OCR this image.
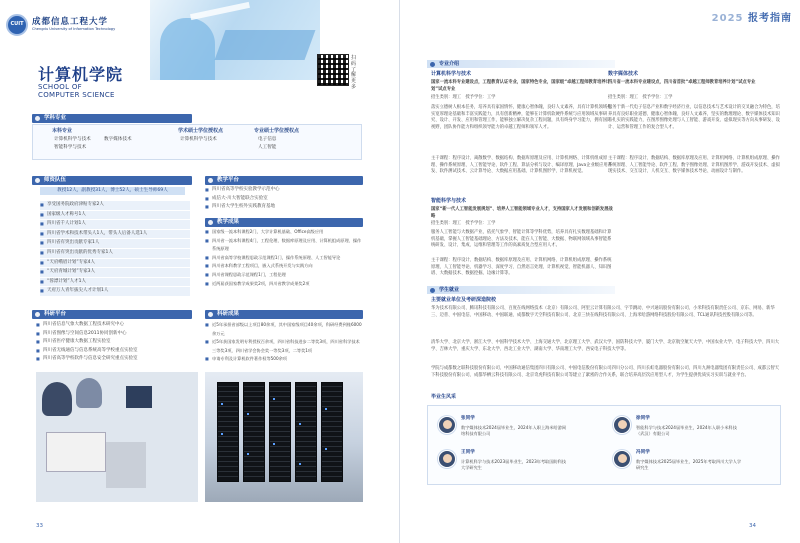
CUIT	成都信息工程大学
Chengdu University of Information Technology
扫码了解更多
计算机学院
SCHOOL OF
COMPUTER SCIENCE
学科专业
本科专业
计算机科学与技术	数字媒体技术
智能科学与技术
学术硕士学位授权点
计算机科学与技术
专业硕士学位授权点
电子信息
人工智能
师资队伍
教授12人，副教授31人，博士52人，硕士生导师69人
■ 享受国务院政府津贴专家2人
■ 国家级人才称号1人
■ 四川省千人计划1人
■ 四川省学术和技术带头人1人，带头人后备人选1人
■ 四川省有突出贡献专家1人
■ 四川省有突出贡献的优秀专家1人
■ “天府峨眉计划”专家4人
■ “天府青城计划”专家3人
■ “蓉漂计划”人才1人
■ 天府万人青年拔尖人才计划1人
教学平台
■ 四川省高等学校实验教学示范中心
■ 成信大-川大智能联合实验室
■ 四川省大学生校外实践教育基地
教学成果
■ 国家级一流本科课程2门，大学计算机基础、Office高级应用
■ 四川省一流本科课程4门，工程伦理、数据库原理及应用、计算机组成原理、操作系统原理
■ 四川省高等学校课程思政示范课程1门，操作系统原理、人工智能导论
■ 四川省本科教学工程项目，嵌入式系统开发与实践方向
■ 四川省课程思政示范课程1门，工程伦理
■ 近两届获国家教学成果奖2项，四川省教学成果奖2项
科研平台
■ 四川省信息气象大数据工程技术研究中心
■ 四川省图像与空间信息2011协同创新中心
■ 四川省医疗健康大数据工程实验室
■ 四川省无线通信与信息系统高等学校重点实验室
■ 四川省高等学校软件与信息安全研究重点实验室
科研成果
■ 近5年承担省部级以上项目80余项，其中国家级项目40余项，科研经费到账6000余万元
■ 近5年获国家发明专利授权百余项，四川省科技进步二等奖3项，四川省科学技术三等奖3项，四川省学会协会奖一等奖3项，二等奖1项
■ 申请专利及计算机软件著作权等500余项
33
2025 报考指南
专业介绍
计算机科学与技术
国家一流本科专业建设点，工程教育认证专业，国家特色专业，国家级“卓越工程师教育培养计划”试点专业
招生类别：理工　授予学位：工学
落实立德树人根本任务，培养具有家国情怀，健康心智体魄，良好人文素养，具有计算机领域扎实宽厚理论基础和丰富实践能力，具有创新精神，能够在计算机软硬件系统与应用领域从事研究、设计、开发、应用和管理工作，能够独立解决复杂工程问题，具有终身学习能力，拥有国际视野，团队协作能力和组织领导能力的卓越工程师和领军人才。
主干课程：程序设计、离散数学、数据结构、数据库原理及应用、计算机网络、计算机组成原理、操作系统原理、人工智能导论、软件工程、算法分析与设计、编译原理、Java企业级应用开发、软件测试技术、云计算导论、大数据应用基础、计算机图形学、计算机视觉。
智能科学与技术
国家“新一代人工智能发展规划”、培养人工智能领域专业人才，支持国家人才发展和创新发展战略
招生类别：理工　授予学位：工学
服务人工智能与大数据产业，依托气象学、智能计算等学科优势，培养具有扎实数理基础和计算机基础，掌握人工智能基础理论、方法及技术，能在人工智能、大数据、物联网领域从事智能系统研发、设计、集成、运维和管理等工作的高素质复合型应用人才。
主干课程：程序设计、数据结构、数据库原理及应用、计算机网络、计算机组成原理、操作系统原理、人工智能导论、机器学习、深度学习、自然语言处理、计算机视觉、智能机器人、知识图谱、大数据技术、数据挖掘、边缘计算等。
数字媒体技术
四川省一流本科专业建设点，四川省首批“卓越工程师教育培养计划”试点专业
招生类别：理工　授予学位：工学
服务于新一代电子信息产业和数字经济行业，以信息技术与艺术设计的交叉融合为特色，培养具有良好职业道德、健康心智体魄、良好人文素养，坚实的数理理论、数字媒体技术知识与扎实的实践能力，在图形图像处理与人工智能、游戏开发、虚拟现实等方向从事研发、设计、运营和管理工作的复合型人才。
主干课程：程序设计、数据结构、数据库原理及应用、计算机网络、计算机组成原理、操作系统原理、人工智能导论、软件工程、数字图像处理、计算机图形学、游戏开发技术、虚拟现实技术、交互设计、人机交互、数字媒体技术导论、动画设计与制作。
学生就业
主要就业单位及考研深造院校
华为技术有限公司、腾讯科技有限公司、百度在线网络技术（北京）有限公司、阿里云计算有限公司、字节跳动、中兴通讯股份有限公司、小米科技有限责任公司、京东、网易、新华三、迈普、中国电信、中国移动、中国联通、成都数字天空科技有限公司、北京三快在线科技有限公司、上海米哈游网络科技股份有限公司、TCL通讯科技控股有限公司等。
清华大学、北京大学、浙江大学、中国科学技术大学、上海交通大学、北京理工大学、武汉大学、国防科技大学、厦门大学、北京航空航天大学、中国农业大学、电子科技大学、四川大学、吉林大学、重庆大学、东北大学、西北工业大学、湖南大学、华南理工大学、西安电子科技大学等。
学院与成都数之联科技股份有限公司、中国移动通信集团四川有限公司、中国电信股份有限公司四川分公司、四川长虹电器股份有限公司、四川九洲电器集团有限责任公司、成都云智天下科技股份有限公司、成都华栖云科技有限公司、北京奇虎科技有限公司等建立了紧密的合作关系，联合培养高层次应用型人才，为学生提供优质实习实训与就业平台。
毕业生风采
张同学
数字媒体技术2024届毕业生，2024年入职上海米哈游网络科技有限公司
王同学
计算机科学与技术2023届毕业生，2023年考取国防科技大学研究生
徐同学
智能科学与技术2024届毕业生，2024年入职小米科技（武汉）有限公司
冯同学
数字媒体技术2025届毕业生，2025年考取四川大学人学研究生
34
